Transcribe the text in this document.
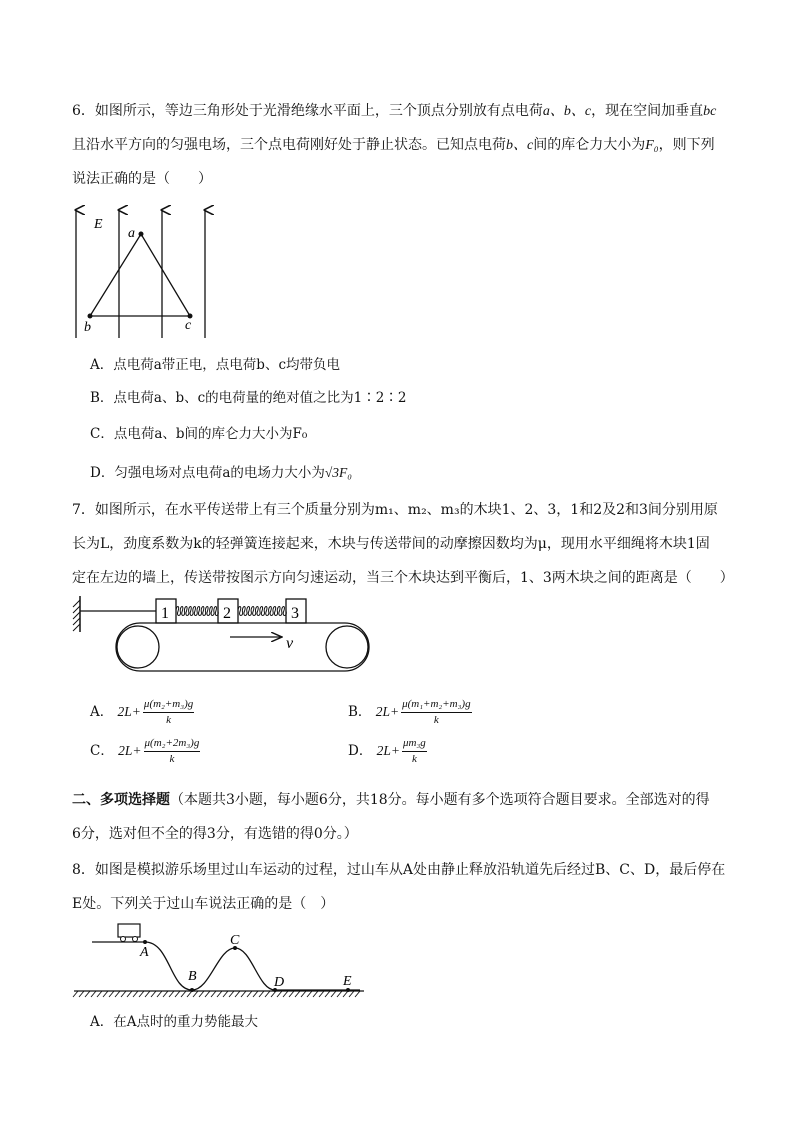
6．如图所示，等边三角形处于光滑绝缘水平面上，三个顶点分别放有点电荷a、b、c，现在空间加垂直bc
且沿水平方向的匀强电场，三个点电荷刚好处于静止状态。已知点电荷b、c间的库仑力大小为F₀，则下列
说法正确的是（　　）
E
a
b	c
A．点电荷a带正电，点电荷b、c均带负电
B．点电荷a、b、c的电荷量的绝对值之比为1∶2∶2
C．点电荷a、b间的库仑力大小为F₀
D．匀强电场对点电荷a的电场力大小为√3F₀
7．如图所示，在水平传送带上有三个质量分别为m₁、m₂、m₃的木块1、2、3，1和2及2和3间分别用原
长为L，劲度系数为k的轻弹簧连接起来，木块与传送带间的动摩擦因数均为μ，现用水平细绳将木块1固
定在左边的墙上，传送带按图示方向匀速运动，当三个木块达到平衡后，1、3两木块之间的距离是（　　）
1	2	3
v
A． $2L+ \frac{\text{μ(m₂+m₃)g}}{k}$	B． $2L+ \frac{\text{μ(m₁+m₂+m₃)g}}{k}$
C． $2L+ \frac{\text{μ(m₂+2m₃)g}}{k}$	D． $2L+ \frac{\text{μm₃g}}{k}$
二、多项选择题（本题共3小题，每小题6分，共18分。每小题有多个选项符合题目要求。全部选对的得
6分，选对但不全的得3分，有选错的得0分。）
8．如图是模拟游乐场里过山车运动的过程，过山车从A处由静止释放沿轨道先后经过B、C、D，最后停在
E处。下列关于过山车说法正确的是（　）
A
B
C
D	E
A．在A点时的重力势能最大
